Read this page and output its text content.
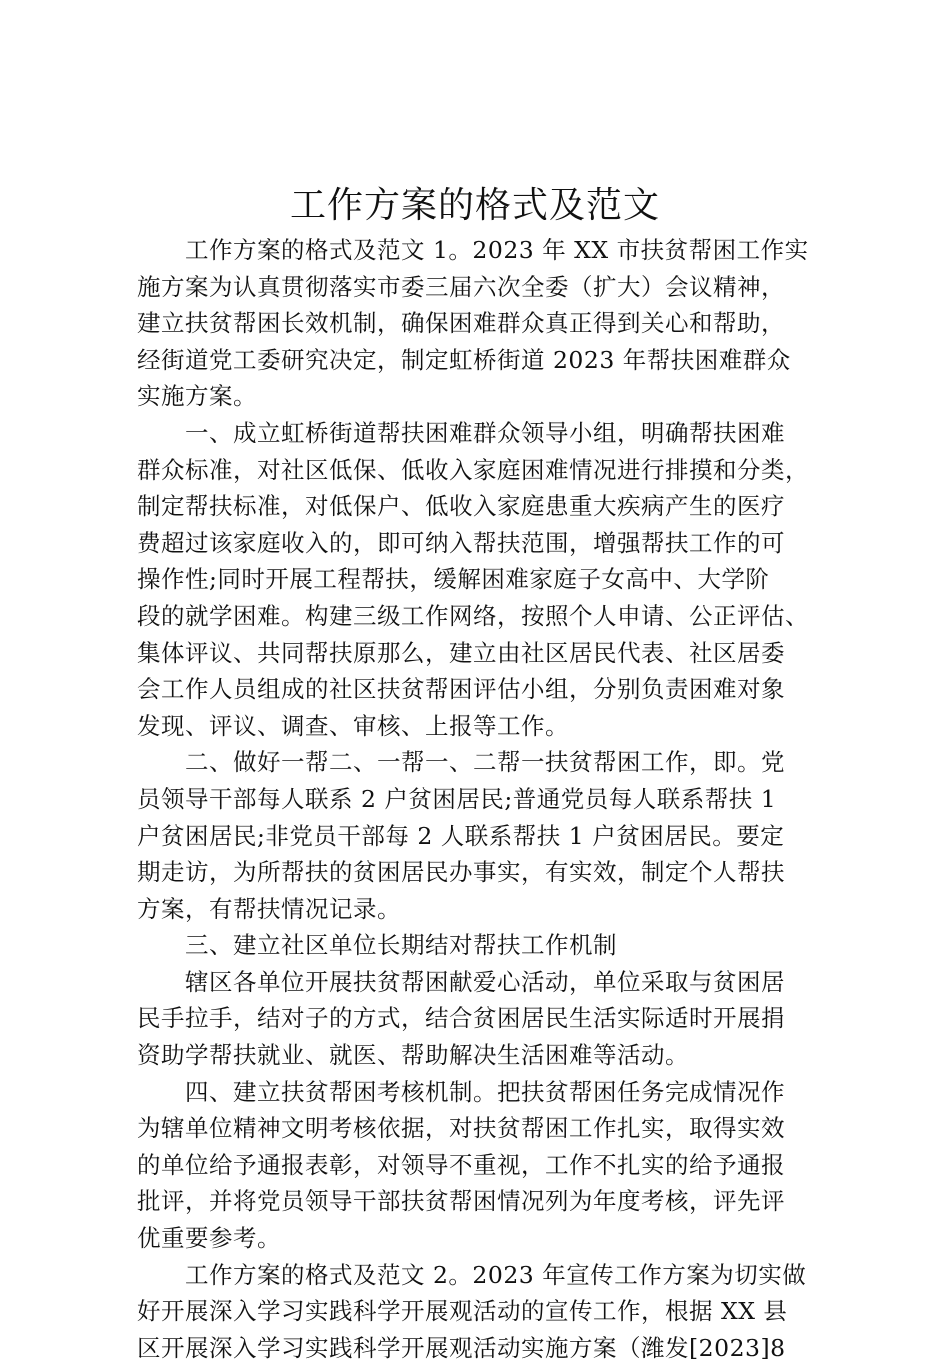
工作方案的格式及范文
工作方案的格式及范文 1。2023 年 XX 市扶贫帮困工作实
施方案为认真贯彻落实市委三届六次全委（扩大）会议精神，
建立扶贫帮困长效机制，确保困难群众真正得到关心和帮助，
经街道党工委研究决定，制定虹桥街道 2023 年帮扶困难群众
实施方案。
一、成立虹桥街道帮扶困难群众领导小组，明确帮扶困难
群众标准，对社区低保、低收入家庭困难情况进行排摸和分类，
制定帮扶标准，对低保户、低收入家庭患重大疾病产生的医疗
费超过该家庭收入的，即可纳入帮扶范围，增强帮扶工作的可
操作性;同时开展工程帮扶，缓解困难家庭子女高中、大学阶
段的就学困难。构建三级工作网络，按照个人申请、公正评估、
集体评议、共同帮扶原那么，建立由社区居民代表、社区居委
会工作人员组成的社区扶贫帮困评估小组，分别负责困难对象
发现、评议、调查、审核、上报等工作。
二、做好一帮二、一帮一、二帮一扶贫帮困工作，即。党
员领导干部每人联系 2 户贫困居民;普通党员每人联系帮扶 1
户贫困居民;非党员干部每 2 人联系帮扶 1 户贫困居民。要定
期走访，为所帮扶的贫困居民办事实，有实效，制定个人帮扶
方案，有帮扶情况记录。
三、建立社区单位长期结对帮扶工作机制
辖区各单位开展扶贫帮困献爱心活动，单位采取与贫困居
民手拉手，结对子的方式，结合贫困居民生活实际适时开展捐
资助学帮扶就业、就医、帮助解决生活困难等活动。
四、建立扶贫帮困考核机制。把扶贫帮困任务完成情况作
为辖单位精神文明考核依据，对扶贫帮困工作扎实，取得实效
的单位给予通报表彰，对领导不重视，工作不扎实的给予通报
批评，并将党员领导干部扶贫帮困情况列为年度考核，评先评
优重要参考。
工作方案的格式及范文 2。2023 年宣传工作方案为切实做
好开展深入学习实践科学开展观活动的宣传工作，根据 XX 县
区开展深入学习实践科学开展观活动实施方案（潍发[2023]8
